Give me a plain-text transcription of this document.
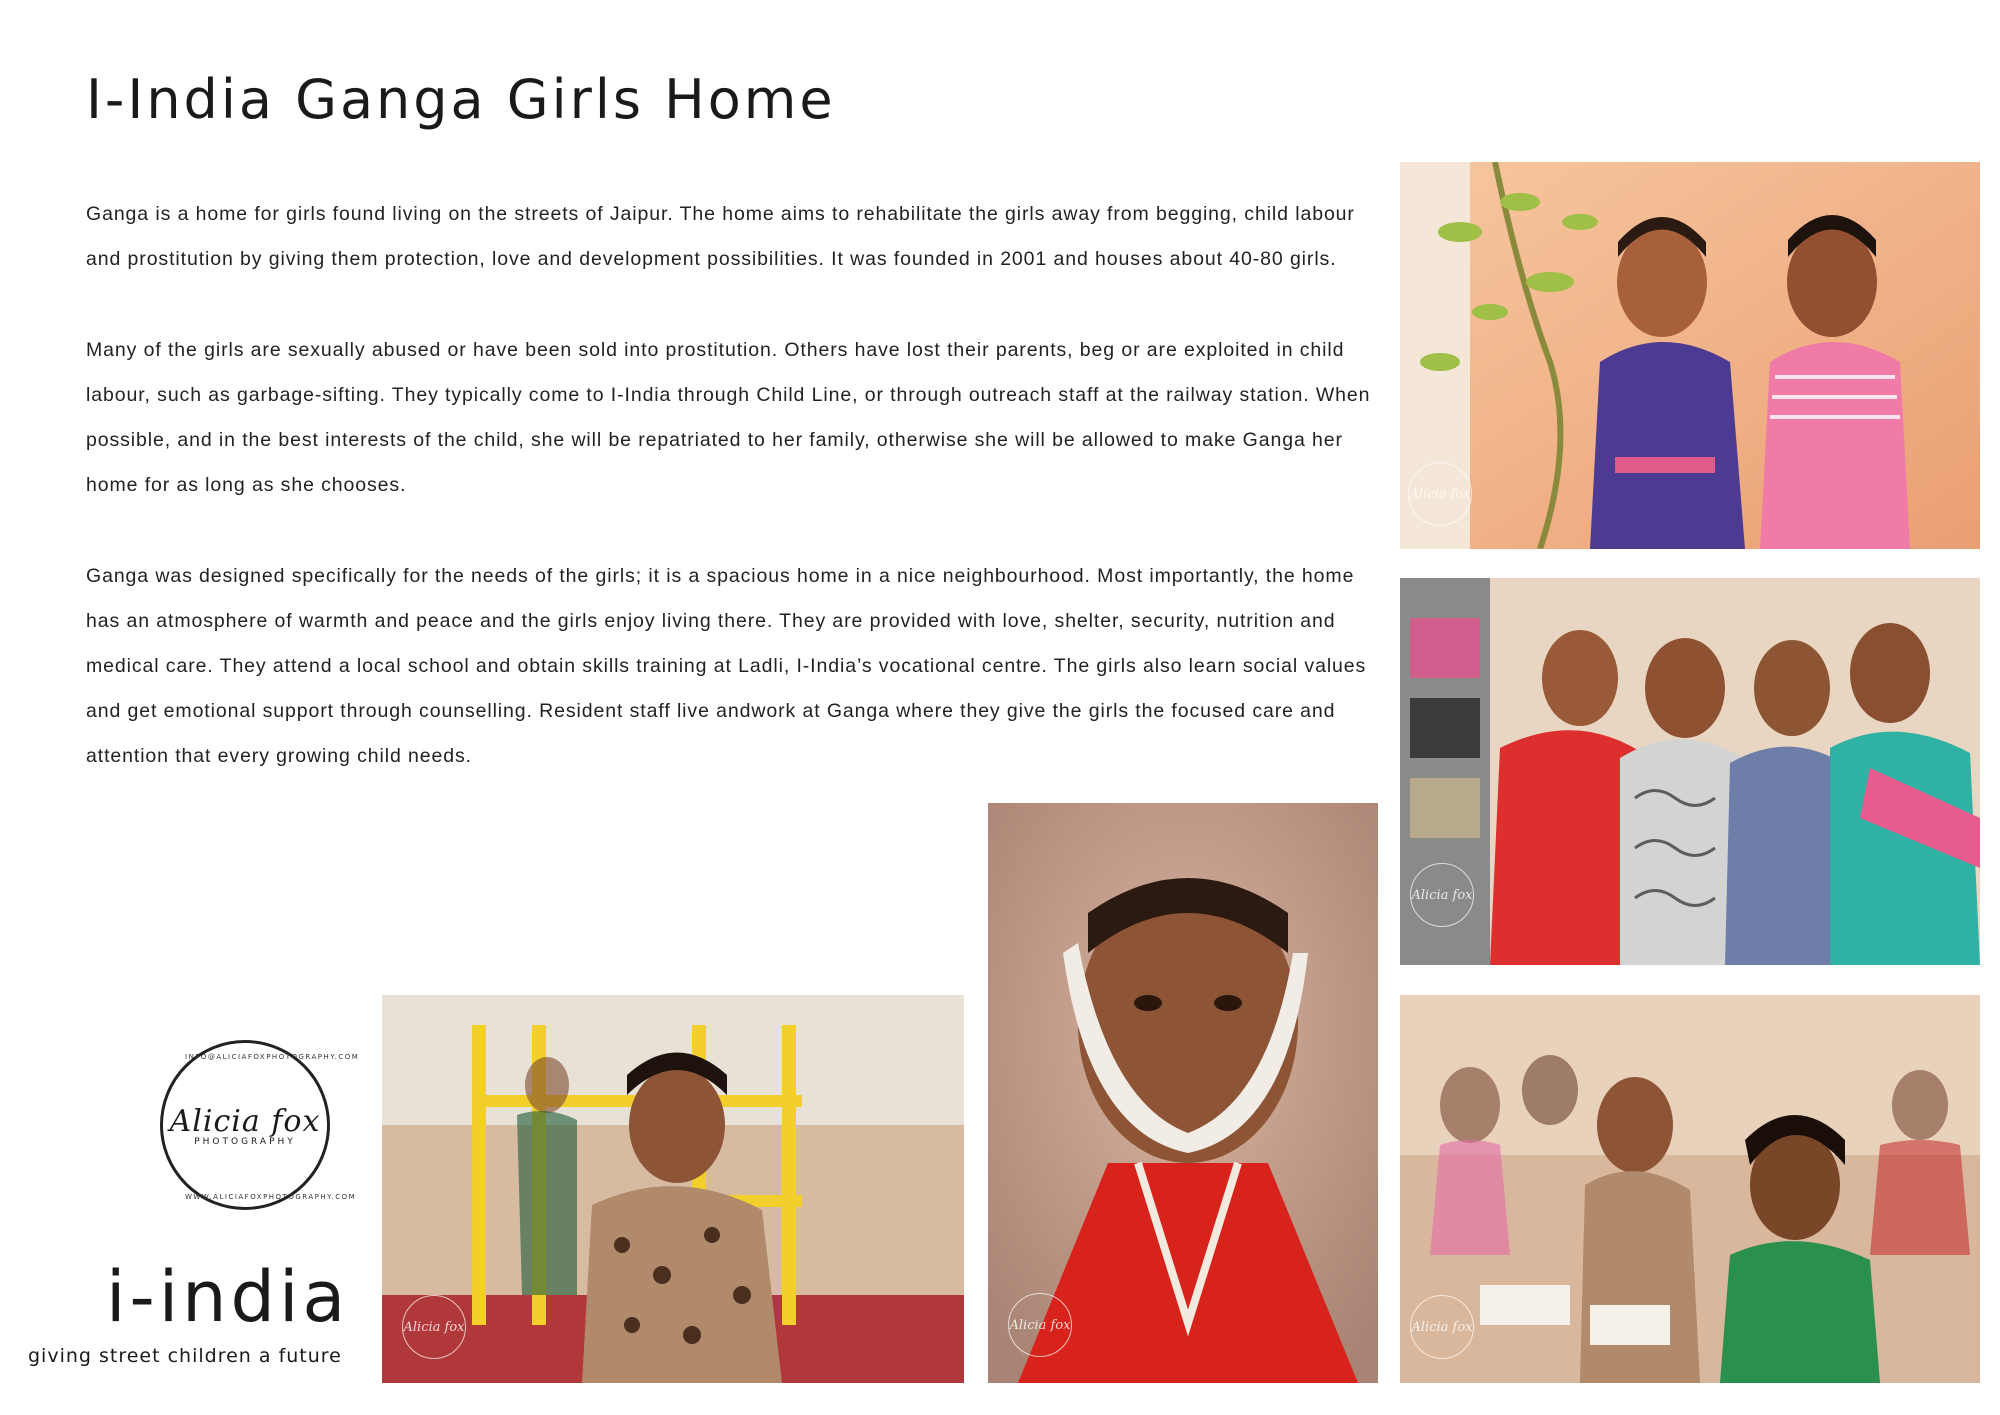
I-India Ganga Girls Home

Ganga is a home for girls found living on the streets of Jaipur. The home aims to rehabilitate the girls away from begging, child labour and prostitution by giving them protection, love and development possibilities. It was founded in 2001 and houses about 40-80 girls.

Many of the girls are sexually abused or have been sold into prostitution. Others have lost their parents, beg or are exploited in child labour, such as garbage-sifting. They typically come to I-India through Child Line, or through outreach staff at the railway station. When possible, and in the best interests of the child, she will be repatriated to her family, otherwise she will be allowed to make Ganga her home for as long as she chooses.

Ganga was designed specifically for the needs of the girls; it is a spacious home in a nice neighbourhood. Most importantly, the home has an atmosphere of warmth and peace and the girls enjoy living there. They are provided with love, shelter, security, nutrition and medical care. They attend a local school and obtain skills training at Ladli, I-India’s vocational centre. The girls also learn social values and get emotional support through counselling. Resident staff live andwork at Ganga where they give the girls the focused care and attention that every growing child needs.

Alicia fox
Alicia fox
Alicia fox
Alicia fox	Alicia fox
Alicia fox
PHOTOGRAPHY
INFO@ALICIAFOXPHOTOGRAPHY.COM
WWW.ALICIAFOXPHOTOGRAPHY.COM
i-india
giving street children a future
